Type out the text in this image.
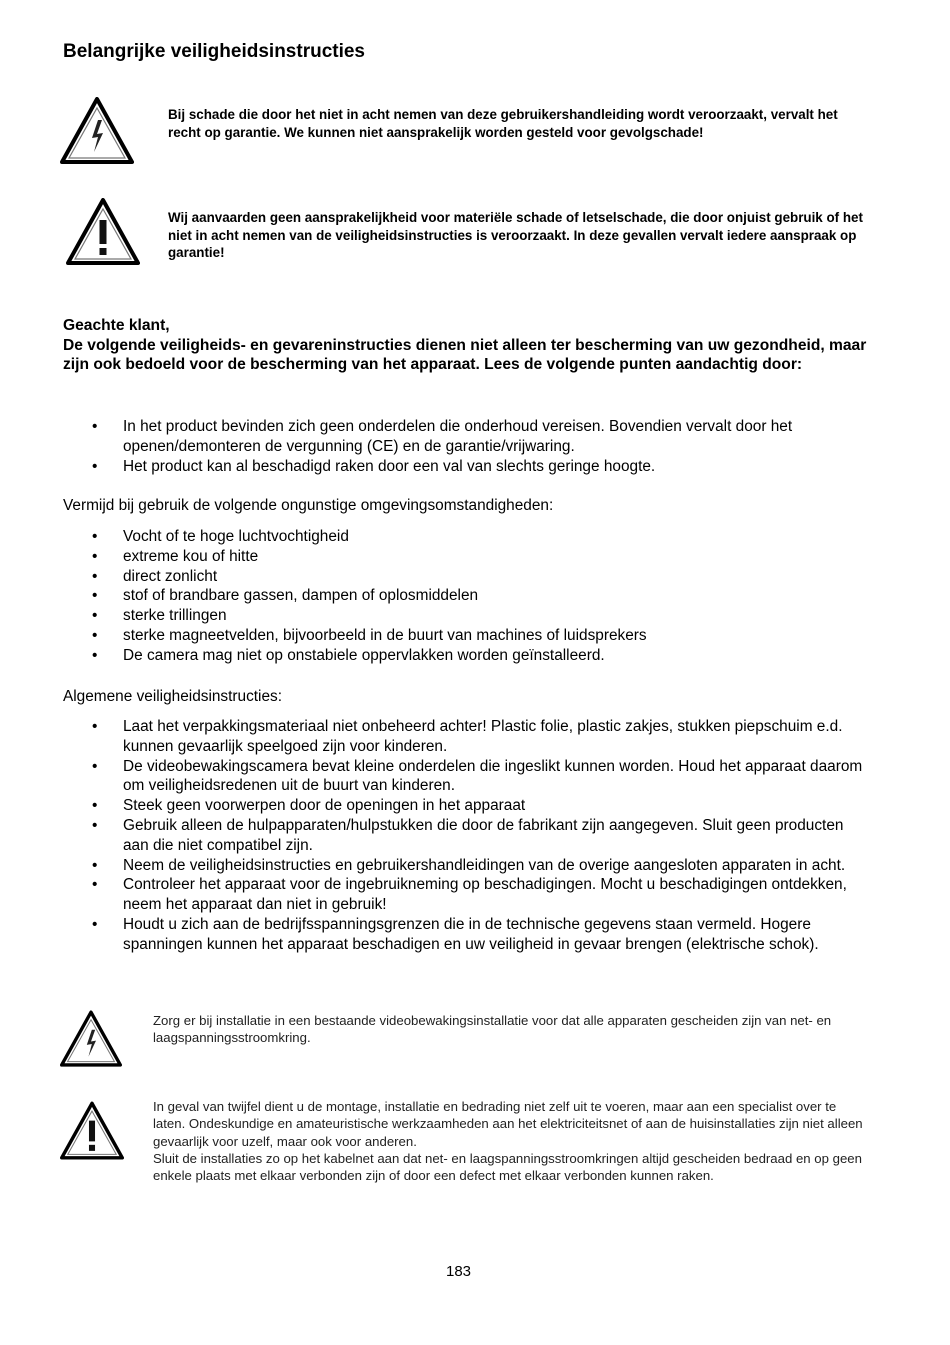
Belangrijke veiligheidsinstructies
Bij schade die door het niet in acht nemen van deze gebruikershandleiding wordt veroorzaakt, vervalt het recht op garantie. We kunnen niet aansprakelijk worden gesteld voor gevolgschade!
Wij aanvaarden geen aansprakelijkheid voor materiële schade of letselschade, die door onjuist gebruik of het niet in acht nemen van de veiligheidsinstructies is veroorzaakt. In deze gevallen vervalt iedere aanspraak op garantie!
Geachte klant,
De volgende veiligheids- en gevareninstructies dienen niet alleen ter bescherming van uw gezondheid, maar zijn ook bedoeld voor de bescherming van het apparaat. Lees de volgende punten aandachtig door:
• In het product bevinden zich geen onderdelen die onderhoud vereisen. Bovendien vervalt door het openen/demonteren de vergunning (CE) en de garantie/vrijwaring.
• Het product kan al beschadigd raken door een val van slechts geringe hoogte.

Vermijd bij gebruik de volgende ongunstige omgevingsomstandigheden:

• Vocht of te hoge luchtvochtigheid
• extreme kou of hitte
• direct zonlicht
• stof of brandbare gassen, dampen of oplosmiddelen
• sterke trillingen
• sterke magneetvelden, bijvoorbeeld in de buurt van machines of luidsprekers
• De camera mag niet op onstabiele oppervlakken worden geïnstalleerd.

Algemene veiligheidsinstructies:

• Laat het verpakkingsmateriaal niet onbeheerd achter! Plastic folie, plastic zakjes, stukken piepschuim e.d. kunnen gevaarlijk speelgoed zijn voor kinderen.
• De videobewakingscamera bevat kleine onderdelen die ingeslikt kunnen worden. Houd het apparaat daarom om veiligheidsredenen uit de buurt van kinderen.
• Steek geen voorwerpen door de openingen in het apparaat
• Gebruik alleen de hulpapparaten/hulpstukken die door de fabrikant zijn aangegeven. Sluit geen producten aan die niet compatibel zijn.
• Neem de veiligheidsinstructies en gebruikershandleidingen van de overige aangesloten apparaten in acht.
• Controleer het apparaat voor de ingebruikneming op beschadigingen. Mocht u beschadigingen ontdekken, neem het apparaat dan niet in gebruik!
• Houdt u zich aan de bedrijfsspanningsgrenzen die in de technische gegevens staan vermeld. Hogere spanningen kunnen het apparaat beschadigen en uw veiligheid in gevaar brengen (elektrische schok).
Zorg er bij installatie in een bestaande videobewakingsinstallatie voor dat alle apparaten gescheiden zijn van net- en laagspanningsstroomkring.
In geval van twijfel dient u de montage, installatie en bedrading niet zelf uit te voeren, maar aan een specialist over te laten. Ondeskundige en amateuristische werkzaamheden aan het elektriciteitsnet of aan de huisinstallaties zijn niet alleen gevaarlijk voor uzelf, maar ook voor anderen.
Sluit de installaties zo op het kabelnet aan dat net- en laagspanningsstroomkringen altijd gescheiden bedraad en op geen enkele plaats met elkaar verbonden zijn of door een defect met elkaar verbonden kunnen raken.
183
